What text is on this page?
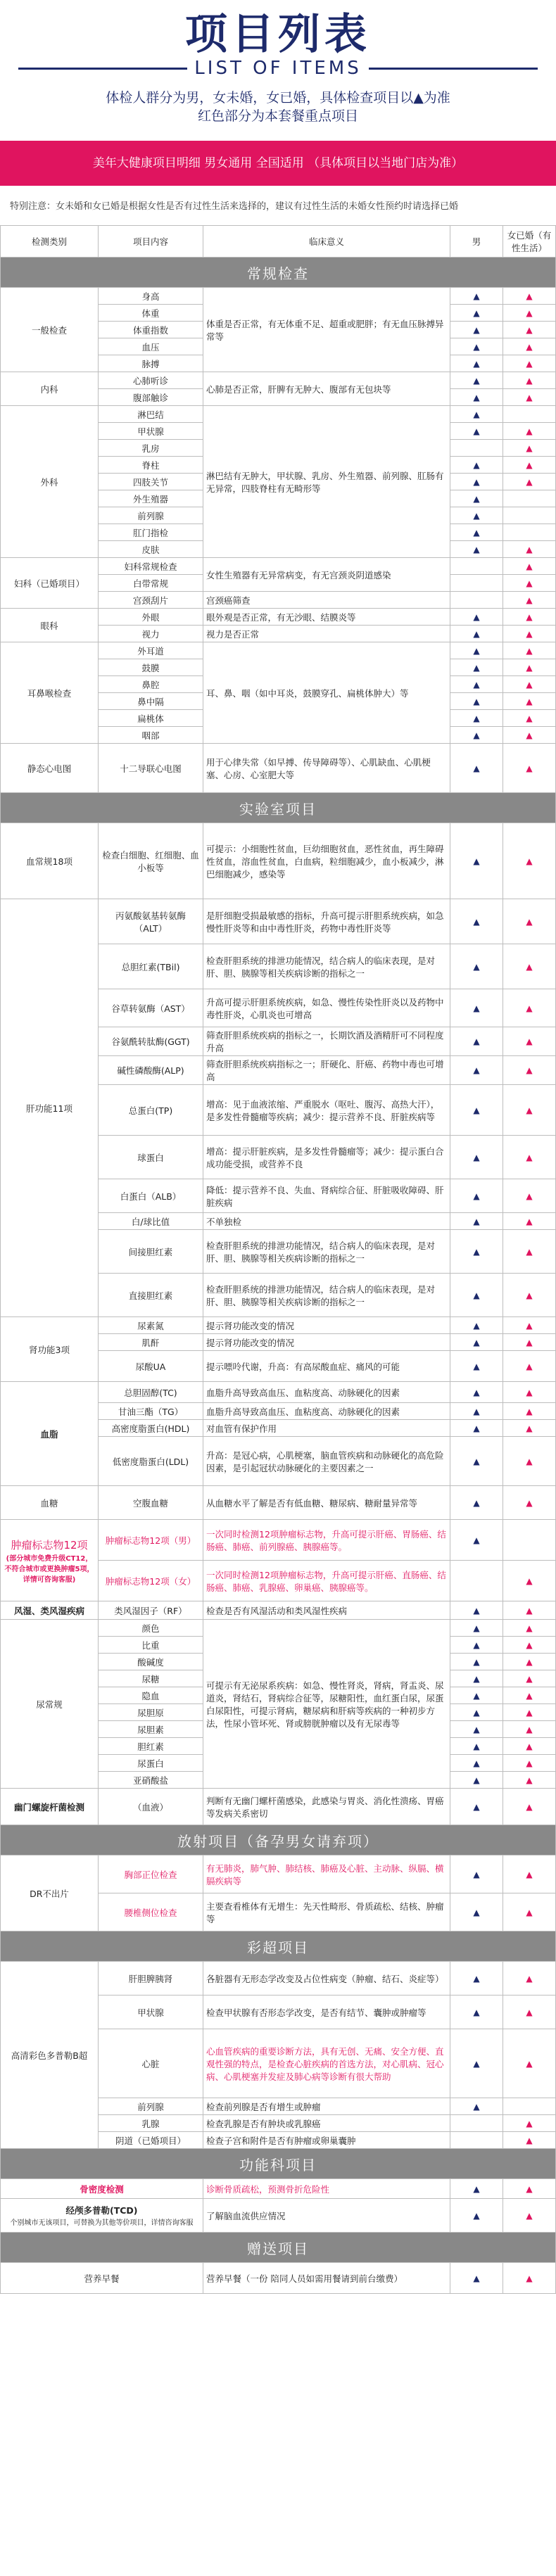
项目列表
LIST OF ITEMS
体检人群分为男，女未婚，女已婚，具体检查项目以▲为准
红色部分为本套餐重点项目
美年大健康项目明细 男女通用 全国适用 （具体项目以当地门店为准）
特别注意：女未婚和女已婚是根据女性是否有过性生活来选择的，建议有过性生活的未婚女性预约时请选择已婚
检测类别	项目内容	临床意义	男	女已婚（有性生活）
常规检查				
一般检查	身高	体重是否正常，有无体重不足、超重或肥胖；有无血压脉搏异常等	▲	▲
	体重		▲	▲
	体重指数		▲	▲
	血压		▲	▲
	脉搏		▲	▲
内科	心肺听诊	心肺是否正常，肝脾有无肿大、腹部有无包块等	▲	▲
	腹部触诊		▲	▲
外科	淋巴结	淋巴结有无肿大，甲状腺、乳房、外生殖器、前列腺、肛肠有无异常，四肢脊柱有无畸形等	▲	
	甲状腺		▲	▲
	乳房			▲
	脊柱		▲	▲
	四肢关节		▲	▲
	外生殖器		▲	
	前列腺		▲	
	肛门指检		▲	
	皮肤		▲	▲
妇科（已婚项目）	妇科常规检查	女性生殖器有无异常病变，有无宫颈炎阴道感染		▲
	白带常规			▲
	宫颈刮片	宫颈癌筛查		▲
眼科	外眼	眼外观是否正常，有无沙眼、结膜炎等	▲	▲
	视力	视力是否正常	▲	▲
耳鼻喉检查	外耳道	耳、鼻、咽（如中耳炎，鼓膜穿孔、扁桃体肿大）等	▲	▲
	鼓膜		▲	▲
	鼻腔		▲	▲
	鼻中隔		▲	▲
	扁桃体		▲	▲
	咽部		▲	▲
静态心电图	十二导联心电图	用于心律失常（如早搏、传导障碍等）、心肌缺血、心肌梗塞、心房、心室肥大等	▲	▲
实验室项目				
血常规18项	检查白细胞、红细胞、血小板等	可提示：小细胞性贫血，巨幼细胞贫血，恶性贫血，再生障碍性贫血，溶血性贫血，白血病，粒细胞减少，血小板减少，淋巴细胞减少，感染等	▲	▲
肝功能11项	丙氨酸氨基转氨酶（ALT）	是肝细胞受损最敏感的指标，升高可提示肝胆系统疾病，如急慢性肝炎等和由中毒性肝炎，药物中毒性肝炎等	▲	▲
	总胆红素(TBil)	检查肝胆系统的排泄功能情况，结合病人的临床表现，是对肝、胆、胰腺等相关疾病诊断的指标之一	▲	▲
	谷草转氨酶（AST）	升高可提示肝胆系统疾病，如急、慢性传染性肝炎以及药物中毒性肝炎，心肌炎也可增高	▲	▲
	谷氨酰转肽酶(GGT)	筛查肝胆系统疾病的指标之一，长期饮酒及酒精肝可不同程度升高	▲	▲
	碱性磷酸酶(ALP)	筛查肝胆系统疾病指标之一；肝硬化、肝癌、药物中毒也可增高	▲	▲
	总蛋白(TP)	增高：见于血液浓缩、严重脱水（呕吐、腹泻、高热大汗），是多发性骨髓瘤等疾病；减少：提示营养不良、肝脏疾病等	▲	▲
	球蛋白	增高：提示肝脏疾病，是多发性骨髓瘤等；减少：提示蛋白合成功能受损，或营养不良	▲	▲
	白蛋白（ALB）	降低：提示营养不良、失血、肾病综合征、肝脏吸收障碍、肝脏疾病	▲	▲
	白/球比值	不单独检	▲	▲
	间接胆红素	检查肝胆系统的排泄功能情况，结合病人的临床表现，是对肝、胆、胰腺等相关疾病诊断的指标之一	▲	▲
	直接胆红素	检查肝胆系统的排泄功能情况，结合病人的临床表现，是对肝、胆、胰腺等相关疾病诊断的指标之一	▲	▲
肾功能3项	尿素氮	提示肾功能改变的情况	▲	▲
	肌酐	提示肾功能改变的情况	▲	▲
	尿酸UA	提示嘌呤代谢，升高：有高尿酸血症、痛风的可能	▲	▲
血脂	总胆固醇(TC)	血脂升高导致高血压、血粘度高、动脉硬化的因素	▲	▲
	甘油三酯（TG）	血脂升高导致高血压、血粘度高、动脉硬化的因素	▲	▲
	高密度脂蛋白(HDL)	对血管有保护作用	▲	▲
	低密度脂蛋白(LDL)	升高：是冠心病，心肌梗塞，脑血管疾病和动脉硬化的高危险因素，是引起冠状动脉硬化的主要因素之一	▲	▲
血糖	空腹血糖	从血糖水平了解是否有低血糖、糖尿病、糖耐量异常等	▲	▲

肿瘤标志物12项
(部分城市免费升级CT12，不符合城市或更换肿瘤5项，详情可咨询客服)	肿瘤标志物12项（男）	一次同时检测12项肿瘤标志物，升高可提示肝癌、胃肠癌、结肠癌、肺癌、前列腺癌、胰腺癌等。	▲	
	肿瘤标志物12项（女）	一次同时检测12项肿瘤标志物，升高可提示肝癌、直肠癌、结肠癌、肺癌、乳腺癌、卵巢癌、胰腺癌等。		▲
风湿、类风湿疾病	类风湿因子（RF）	检查是否有风湿活动和类风湿性疾病	▲	▲
尿常规	颜色	可提示有无泌尿系疾病：如急、慢性肾炎，肾病，肾盂炎、尿道炎，肾结石，肾病综合征等，尿糖阳性，血红蛋白尿，尿蛋白尿阳性，可提示肾病，糖尿病和肝病等疾病的一种初步方法，性尿小管坏死、肾或膀胱肿瘤以及有无尿毒等	▲	▲
	比重		▲	▲
	酸碱度		▲	▲
	尿糖		▲	▲
	隐血		▲	▲
	尿胆原		▲	▲
	尿胆素		▲	▲
	胆红素		▲	▲
	尿蛋白		▲	▲
	亚硝酸盐		▲	▲
幽门螺旋杆菌检测	（血液）	判断有无幽门螺杆菌感染，此感染与胃炎、消化性溃疡、胃癌等发病关系密切	▲	▲
放射项目（备孕男女请弃项）				
DR不出片	胸部正位检查	有无肺炎，肺气肿、肺结核、肺癌及心脏、主动脉、纵膈、横膈疾病等	▲	▲
	腰椎侧位检查	主要查看椎体有无增生：先天性畸形、骨质疏松、结核、肿瘤等	▲	▲
彩超项目				
高清彩色多普勒B超	肝胆脾胰肾	各脏器有无形态学改变及占位性病变（肿瘤、结石、炎症等）	▲	▲
	甲状腺	检查甲状腺有否形态学改变，是否有结节、囊肿或肿瘤等	▲	▲
	心脏	心血管疾病的重要诊断方法，具有无创、无痛、安全方便、直观性强的特点，是检查心脏疾病的首选方法，对心肌病、冠心病、心肌梗塞并发症及肺心病等诊断有很大帮助	▲	▲
	前列腺	检查前列腺是否有增生或肿瘤	▲	
	乳腺	检查乳腺是否有肿块或乳腺癌		▲
	阴道（已婚项目）	检查子宫和附件是否有肿瘤或卵巢囊肿		▲
功能科项目				
骨密度检测		诊断骨质疏松，预测骨折危险性	▲	▲

经颅多普勒(TCD)
个别城市无该项目，可替换为其他等价项目，详情咨询客服		了解脑血流供应情况	▲	▲
赠送项目				
营养早餐		营养早餐（一份 陪同人员如需用餐请到前台缴费）	▲	▲
